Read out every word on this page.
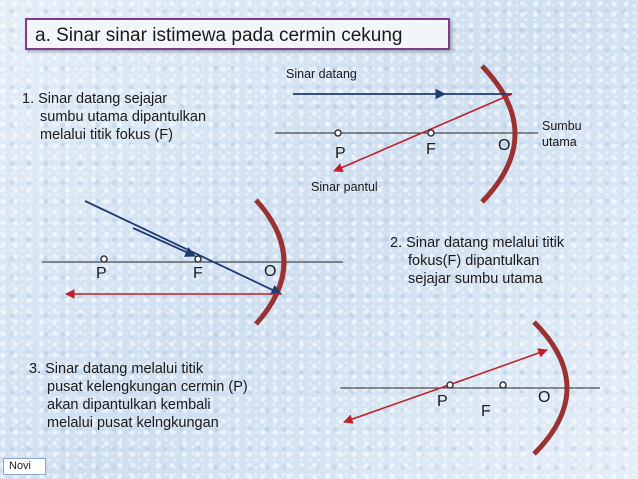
a. Sinar sinar istimewa pada cermin cekung
1. Sinar datang sejajar
sumbu utama dipantulkan
melalui titik fokus (F)
Sinar datang
Sinar pantul
Sumbu
utama
P	F	O
2. Sinar datang melalui titik
fokus(F) dipantulkan
sejajar sumbu utama
P	F	O
3. Sinar datang melalui titik
pusat kelengkungan cermin (P)
akan dipantulkan kembali
melalui pusat kelngkungan
P
F
O
Novi
